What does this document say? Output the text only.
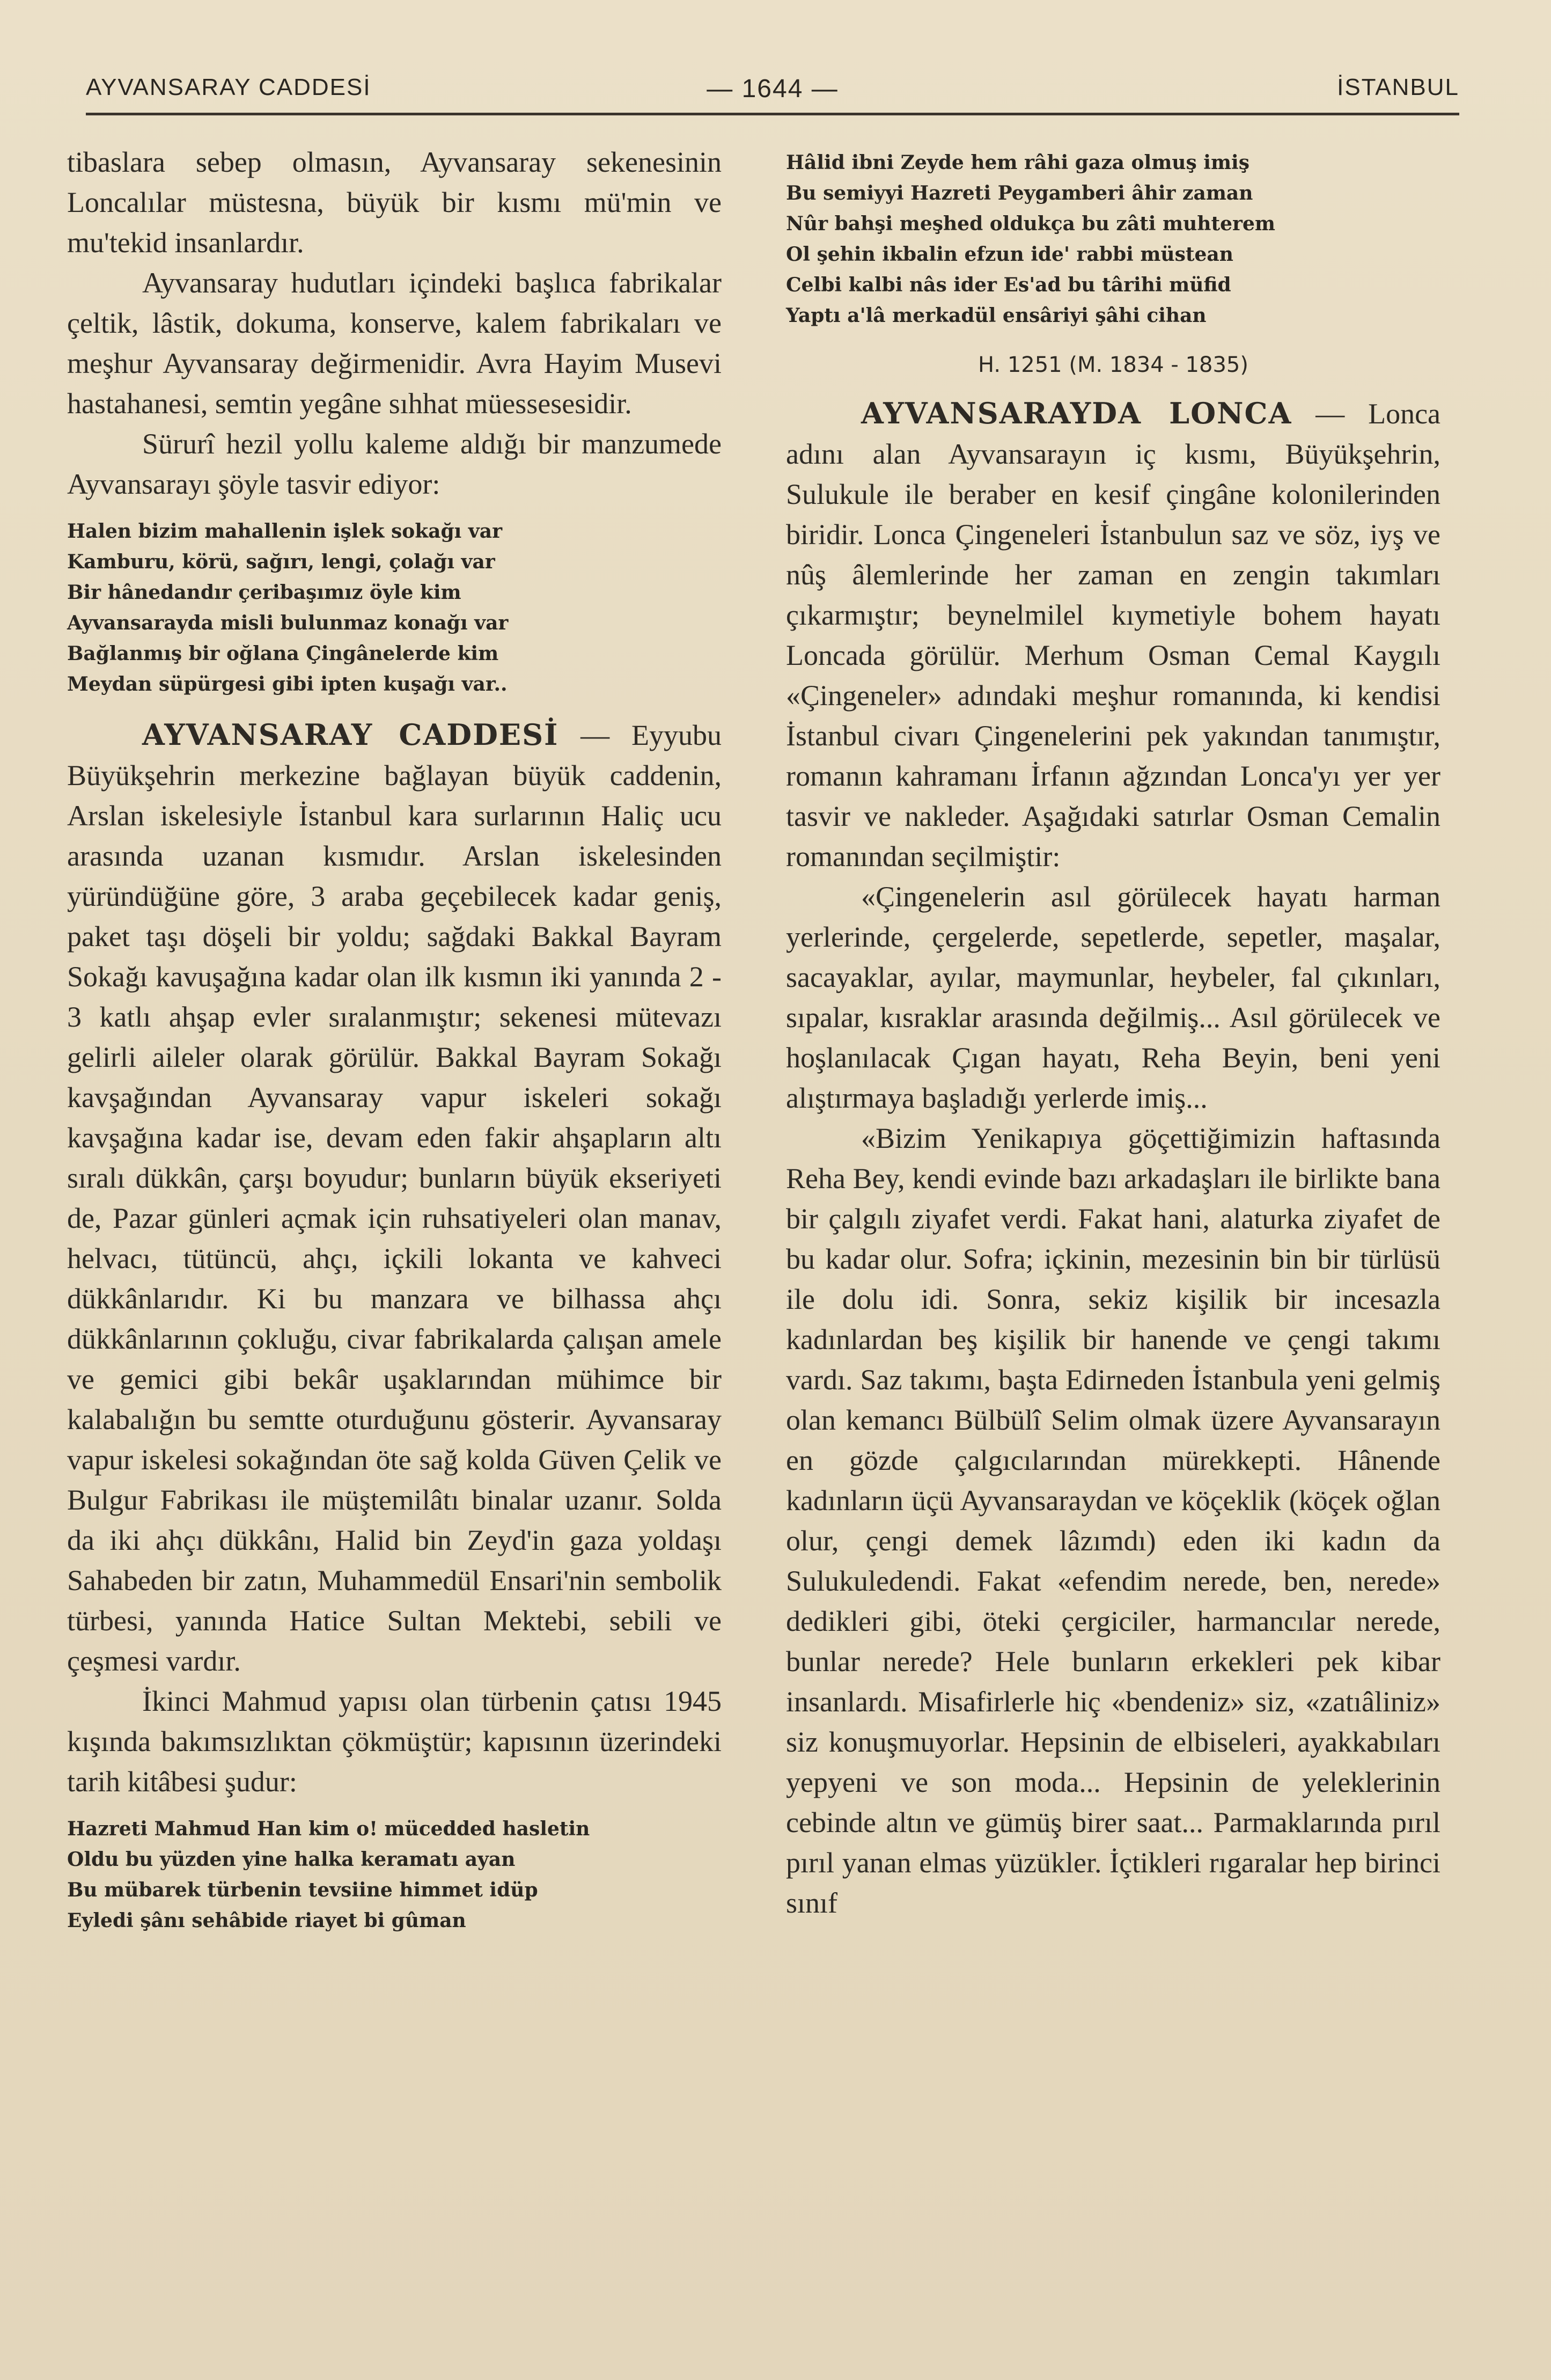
AYVANSARAY CADDESİ	— 1644 —	İSTANBUL

tibaslara sebep olmasın, Ayvansaray sekenesinin Loncalılar müstesna, büyük bir kısmı mü'min ve mu'tekid insanlardır.

Ayvansaray hudutları içindeki başlıca fabrikalar çeltik, lâstik, dokuma, konserve, kalem fabrikaları ve meşhur Ayvansaray değirmenidir. Avra Hayim Musevi hastahanesi, semtin yegâne sıhhat müessesesidir.

Sürurî hezil yollu kaleme aldığı bir manzumede Ayvansarayı şöyle tasvir ediyor:

Halen bizim mahallenin işlek sokağı var
Kamburu, körü, sağırı, lengi, çolağı var
Bir hânedandır çeribaşımız öyle kim
Ayvansarayda misli bulunmaz konağı var
Bağlanmış bir oğlana Çingânelerde kim
Meydan süpürgesi gibi ipten kuşağı var..

AYVANSARAY CADDESİ — Eyyubu Büyükşehrin merkezine bağlayan büyük caddenin, Arslan iskelesiyle İstanbul kara surlarının Haliç ucu arasında uzanan kısmıdır. Arslan iskelesinden yüründüğüne göre, 3 araba geçebilecek kadar geniş, paket taşı döşeli bir yoldu; sağdaki Bakkal Bayram Sokağı kavuşağına kadar olan ilk kısmın iki yanında 2 - 3 katlı ahşap evler sıralanmıştır; sekenesi mütevazı gelirli aileler olarak görülür. Bakkal Bayram Sokağı kavşağından Ayvansaray vapur iskeleri sokağı kavşağına kadar ise, devam eden fakir ahşapların altı sıralı dükkân, çarşı boyudur; bunların büyük ekseriyeti de, Pazar günleri açmak için ruhsatiyeleri olan manav, helvacı, tütüncü, ahçı, içkili lokanta ve kahveci dükkânlarıdır. Ki bu manzara ve bilhassa ahçı dükkânlarının çokluğu, civar fabrikalarda çalışan amele ve gemici gibi bekâr uşaklarından mühimce bir kalabalığın bu semtte oturduğunu gösterir. Ayvansaray vapur iskelesi sokağından öte sağ kolda Güven Çelik ve Bulgur Fabrikası ile müştemilâtı binalar uzanır. Solda da iki ahçı dükkânı, Halid bin Zeyd'in gaza yoldaşı Sahabeden bir zatın, Muhammedül Ensari'nin sembolik türbesi, yanında Hatice Sultan Mektebi, sebili ve çeşmesi vardır.

İkinci Mahmud yapısı olan türbenin çatısı 1945 kışında bakımsızlıktan çökmüştür; kapısının üzerindeki tarih kitâbesi şudur:

Hazreti Mahmud Han kim o! mücedded hasletin
Oldu bu yüzden yine halka keramatı ayan
Bu mübarek türbenin tevsiine himmet idüp
Eyledi şânı sehâbide riayet bi gûman
Hâlid ibni Zeyde hem râhi gaza olmuş imiş
Bu semiyyi Hazreti Peygamberi âhir zaman
Nûr bahşi meşhed oldukça bu zâti muhterem
Ol şehin ikbalin efzun ide' rabbi müstean
Celbi kalbi nâs ider Es'ad bu târihi müfid
Yaptı a'lâ merkadül ensâriyi şâhi cihan
H. 1251 (M. 1834 - 1835)

AYVANSARAYDA LONCA — Lonca adını alan Ayvansarayın iç kısmı, Büyükşehrin, Sulukule ile beraber en kesif çingâne kolonilerinden biridir. Lonca Çingeneleri İstanbulun saz ve söz, iyş ve nûş âlemlerinde her zaman en zengin takımları çıkarmıştır; beynelmilel kıymetiyle bohem hayatı Loncada görülür. Merhum Osman Cemal Kaygılı «Çingeneler» adındaki meşhur romanında, ki kendisi İstanbul civarı Çingenelerini pek yakından tanımıştır, romanın kahramanı İrfanın ağzından Lonca'yı yer yer tasvir ve nakleder. Aşağıdaki satırlar Osman Cemalin romanından seçilmiştir:

«Çingenelerin asıl görülecek hayatı harman yerlerinde, çergelerde, sepetlerde, sepetler, maşalar, sacayaklar, ayılar, maymunlar, heybeler, fal çıkınları, sıpalar, kısraklar arasında değilmiş... Asıl görülecek ve hoşlanılacak Çıgan hayatı, Reha Beyin, beni yeni alıştırmaya başladığı yerlerde imiş...

«Bizim Yenikapıya göçettiğimizin haftasında Reha Bey, kendi evinde bazı arkadaşları ile birlikte bana bir çalgılı ziyafet verdi. Fakat hani, alaturka ziyafet de bu kadar olur. Sofra; içkinin, mezesinin bin bir türlüsü ile dolu idi. Sonra, sekiz kişilik bir incesazla kadınlardan beş kişilik bir hanende ve çengi takımı vardı. Saz takımı, başta Edirneden İstanbula yeni gelmiş olan kemancı Bülbülî Selim olmak üzere Ayvansarayın en gözde çalgıcılarından mürekkepti. Hânende kadınların üçü Ayvansaraydan ve köçeklik (köçek oğlan olur, çengi demek lâzımdı) eden iki kadın da Sulukuledendi. Fakat «efendim nerede, ben, nerede» dedikleri gibi, öteki çergiciler, harmancılar nerede, bunlar nerede? Hele bunların erkekleri pek kibar insanlardı. Misafirlerle hiç «bendeniz» siz, «zatıâliniz» siz konuşmuyorlar. Hepsinin de elbiseleri, ayakkabıları yepyeni ve son moda... Hepsinin de yeleklerinin cebinde altın ve gümüş birer saat... Parmaklarında pırıl pırıl yanan elmas yüzükler. İçtikleri rıgaralar hep birinci sınıf
